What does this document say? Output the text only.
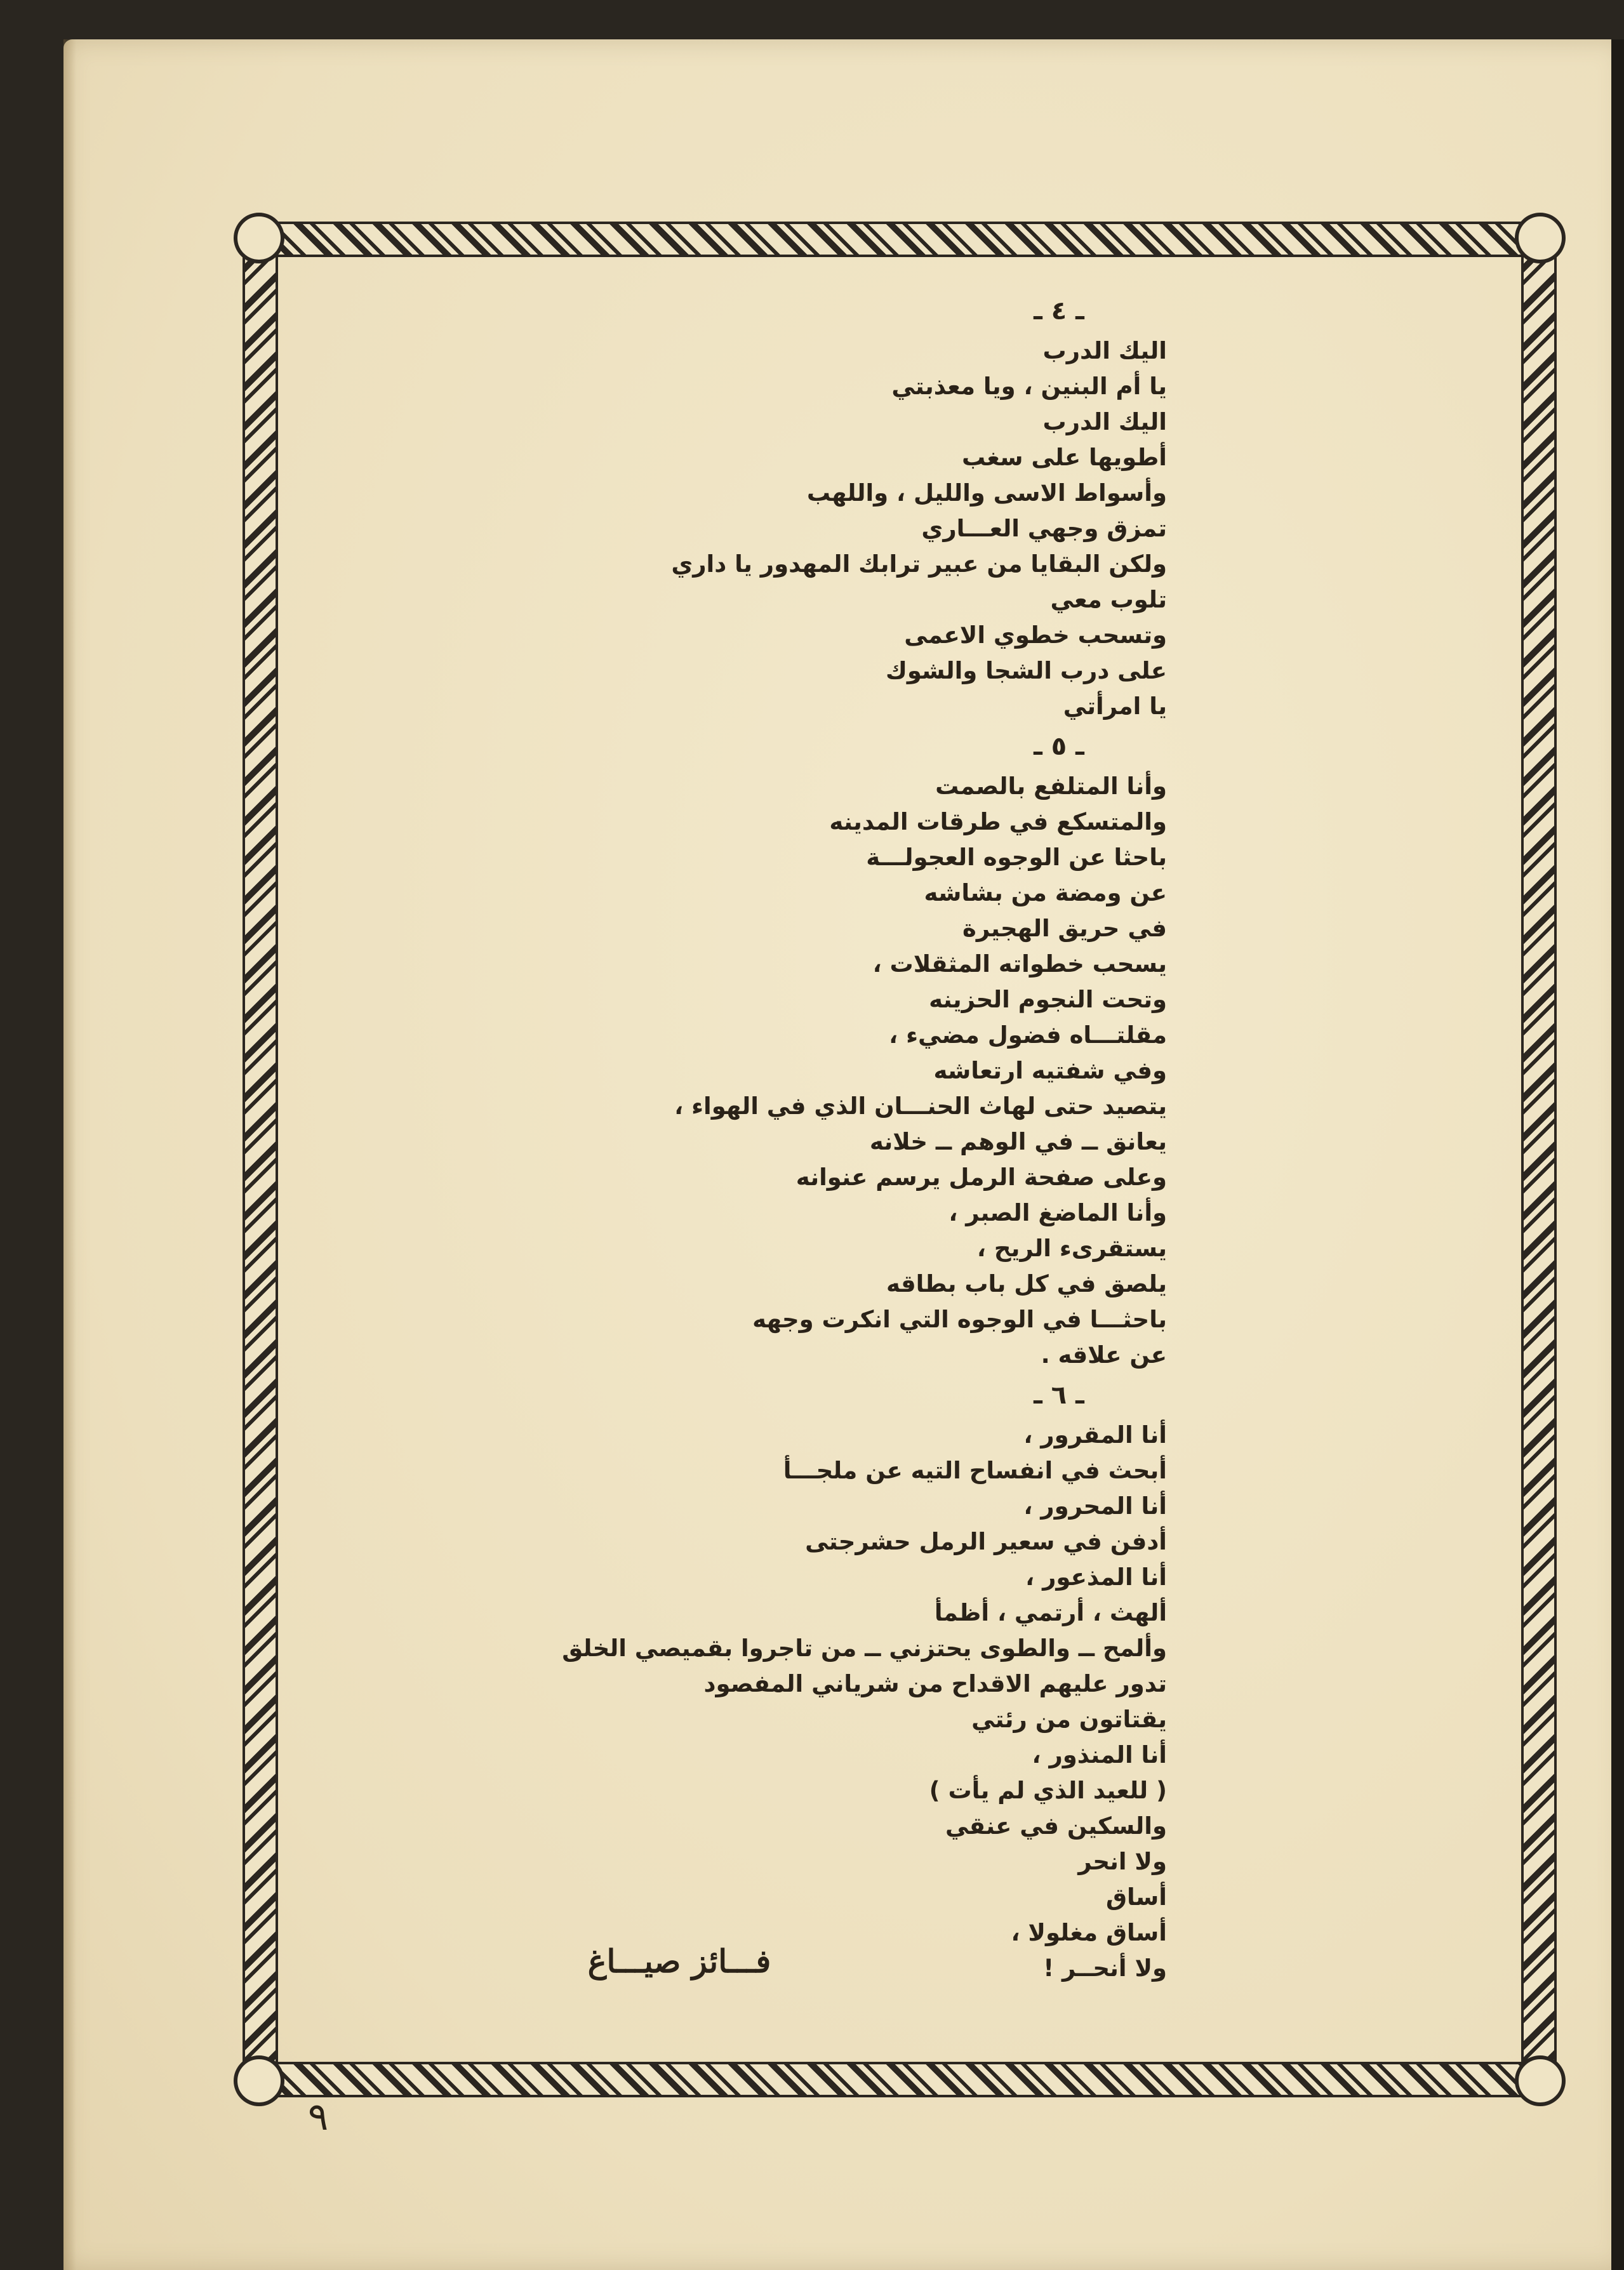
ـ ٤ ـ
اليك الدرب
يا أم البنين ، ويا معذبتي
اليك الدرب
أطويها على سغب
وأسواط الاسى والليل ، واللهب
تمزق وجهي العـــاري
ولكن البقايا من عبير ترابك المهدور يا داري
تلوب معي
وتسحب خطوي الاعمى
على درب الشجا والشوك
يا امرأتي
ـ ٥ ـ
وأنا المتلفع بالصمت
والمتسكع في طرقات المدينه
باحثا عن الوجوه العجولـــة
عن ومضة من بشاشه
في حريق الهجيرة
يسحب خطواته المثقلات ،
وتحت النجوم الحزينه
مقلتـــاه فضول مضيء ،
وفي شفتيه ارتعاشه
يتصيد حتى لهاث الحنـــان الذي في الهواء ،
يعانق ــ في الوهم ــ خلانه
وعلى صفحة الرمل يرسم عنوانه
وأنا الماضغ الصبر ،
يستقرىء الريح ،
يلصق في كل باب بطاقه
باحثـــا في الوجوه التي انكرت وجهه
عن علاقه .
ـ ٦ ـ
أنا المقرور ،
أبحث في انفساح التيه عن ملجـــأ
أنا المحرور ،
أدفن في سعير الرمل حشرجتى
أنا المذعور ،
ألهث ، أرتمي ، أظمأ
وألمح ــ والطوى يحتزني ــ من تاجروا بقميصي الخلق
تدور عليهم الاقداح من شرياني المفصود
يقتاتون من رئتي
أنا المنذور ،
( للعيد الذي لم يأت )
والسكين في عنقي
ولا انحر
أساق
أساق مغلولا ،
ولا أنحــر !
فـــائز صيـــاغ
٩
